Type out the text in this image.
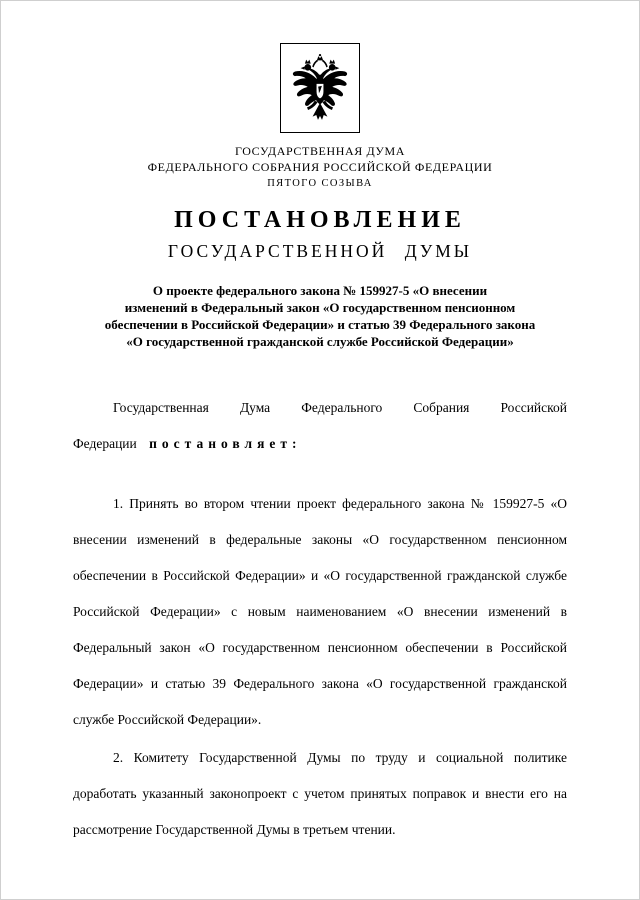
ГОСУДАРСТВЕННАЯ ДУМА
ФЕДЕРАЛЬНОГО СОБРАНИЯ РОССИЙСКОЙ ФЕДЕРАЦИИ
ПЯТОГО СОЗЫВА
ПОСТАНОВЛЕНИЕ
ГОСУДАРСТВЕННОЙ ДУМЫ
О проекте федерального закона № 159927-5 «О внесении
изменений в Федеральный закон «О государственном пенсионном
обеспечении в Российской Федерации» и статью 39 Федерального закона
«О государственной гражданской службе Российской Федерации»

Государственная Дума Федерального Собрания Российской Федерации постановляет:

1. Принять во втором чтении проект федерального закона № 159927-5 «О внесении изменений в федеральные законы «О государственном пенсионном обеспечении в Российской Федерации» и «О государственной гражданской службе Российской Федерации» с новым наименованием «О внесении изменений в Федеральный закон «О государственном пенсионном обеспечении в Российской Федерации» и статью 39 Федерального закона «О государственной гражданской службе Российской Федерации».

2. Комитету Государственной Думы по труду и социальной политике доработать указанный законопроект с учетом принятых поправок и внести его на рассмотрение Государственной Думы в третьем чтении.
